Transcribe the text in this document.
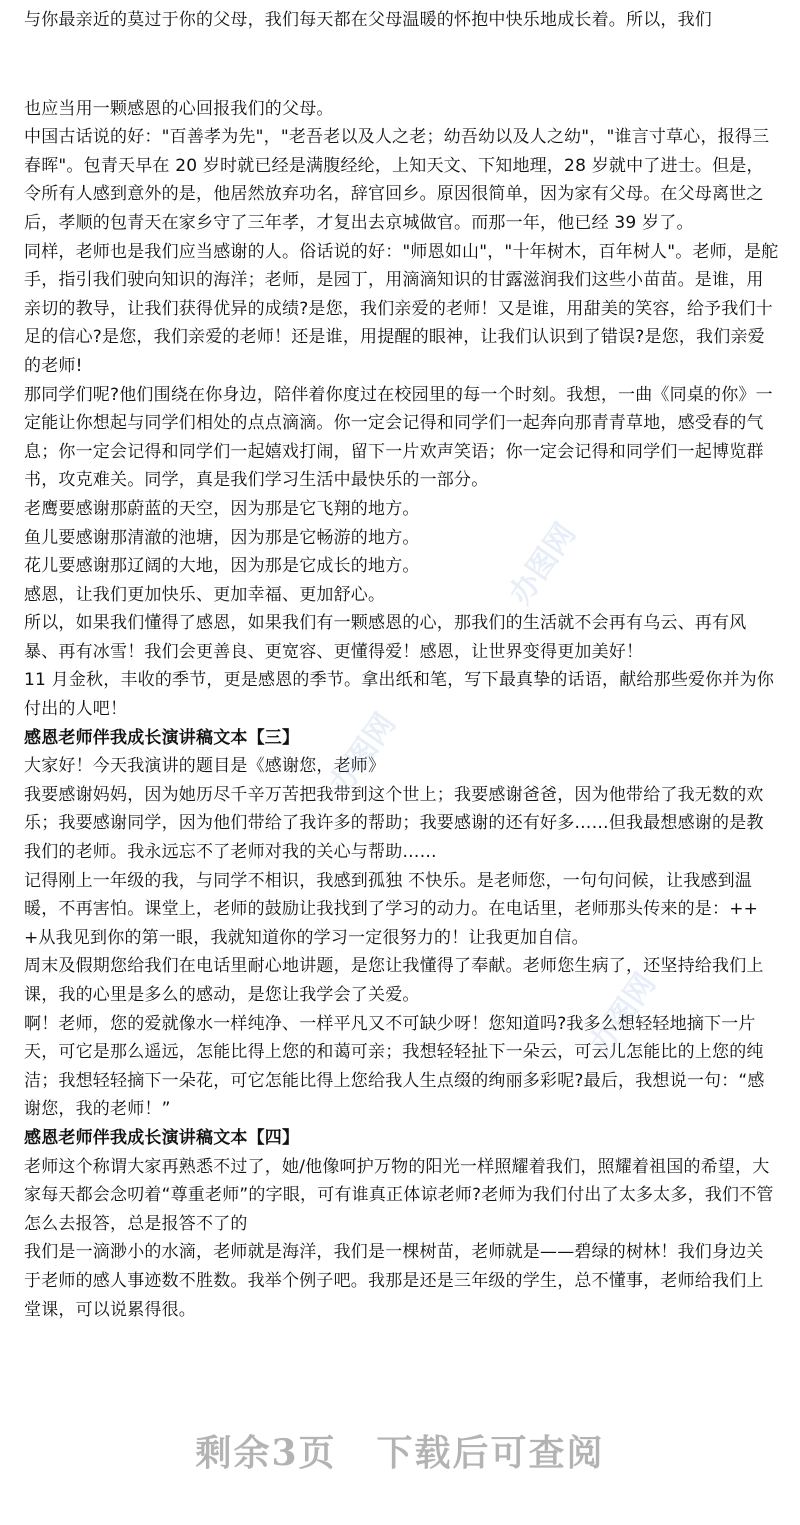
与你最亲近的莫过于你的父母，我们每天都在父母温暖的怀抱中快乐地成长着。所以，我们

也应当用一颗感恩的心回报我们的父母。

中国古话说的好："百善孝为先"，"老吾老以及人之老；幼吾幼以及人之幼"，"谁言寸草心，报得三春晖"。包青天早在 20 岁时就已经是满腹经纶，上知天文、下知地理，28 岁就中了进士。但是，令所有人感到意外的是，他居然放弃功名，辞官回乡。原因很简单，因为家有父母。在父母离世之后，孝顺的包青天在家乡守了三年孝，才复出去京城做官。而那一年，他已经 39 岁了。

同样，老师也是我们应当感谢的人。俗话说的好："师恩如山"，"十年树木，百年树人"。老师，是舵手，指引我们驶向知识的海洋；老师，是园丁，用滴滴知识的甘露滋润我们这些小苗苗。是谁，用亲切的教导，让我们获得优异的成绩?是您，我们亲爱的老师！又是谁，用甜美的笑容，给予我们十足的信心?是您，我们亲爱的老师！还是谁，用提醒的眼神，让我们认识到了错误?是您，我们亲爱的老师!

那同学们呢?他们围绕在你身边，陪伴着你度过在校园里的每一个时刻。我想，一曲《同桌的你》一定能让你想起与同学们相处的点点滴滴。你一定会记得和同学们一起奔向那青青草地，感受春的气息；你一定会记得和同学们一起嬉戏打闹，留下一片欢声笑语；你一定会记得和同学们一起博览群书，攻克难关。同学，真是我们学习生活中最快乐的一部分。

老鹰要感谢那蔚蓝的天空，因为那是它飞翔的地方。

鱼儿要感谢那清澈的池塘，因为那是它畅游的地方。

花儿要感谢那辽阔的大地，因为那是它成长的地方。

感恩，让我们更加快乐、更加幸福、更加舒心。

所以，如果我们懂得了感恩，如果我们有一颗感恩的心，那我们的生活就不会再有乌云、再有风暴、再有冰雪！我们会更善良、更宽容、更懂得爱！感恩，让世界变得更加美好！

11 月金秋，丰收的季节，更是感恩的季节。拿出纸和笔，写下最真挚的话语，献给那些爱你并为你付出的人吧！

感恩老师伴我成长演讲稿文本【三】

大家好！今天我演讲的题目是《感谢您，老师》

我要感谢妈妈，因为她历尽千辛万苦把我带到这个世上；我要感谢爸爸，因为他带给了我无数的欢乐；我要感谢同学，因为他们带给了我许多的帮助；我要感谢的还有好多……但我最想感谢的是教我们的老师。我永远忘不了老师对我的关心与帮助……

记得刚上一年级的我，与同学不相识，我感到孤独 不快乐。是老师您，一句句问候，让我感到温暖，不再害怕。课堂上，老师的鼓励让我找到了学习的动力。在电话里，老师那头传来的是：+++从我见到你的第一眼，我就知道你的学习一定很努力的！让我更加自信。

周末及假期您给我们在电话里耐心地讲题，是您让我懂得了奉献。老师您生病了，还坚持给我们上课，我的心里是多么的感动，是您让我学会了关爱。

啊！老师，您的爱就像水一样纯净、一样平凡又不可缺少呀！您知道吗?我多么想轻轻地摘下一片天，可它是那么遥远，怎能比得上您的和蔼可亲；我想轻轻扯下一朵云，可云儿怎能比的上您的纯洁；我想轻轻摘下一朵花，可它怎能比得上您给我人生点缀的绚丽多彩呢?最后，我想说一句：“感谢您，我的老师！”

感恩老师伴我成长演讲稿文本【四】

老师这个称谓大家再熟悉不过了，她/他像呵护万物的阳光一样照耀着我们，照耀着祖国的希望，大家每天都会念叨着“尊重老师”的字眼，可有谁真正体谅老师?老师为我们付出了太多太多，我们不管怎么去报答，总是报答不了的

我们是一滴渺小的水滴，老师就是海洋，我们是一棵树苗，老师就是——碧绿的树林！我们身边关于老师的感人事迹数不胜数。我举个例子吧。我那是还是三年级的学生，总不懂事，老师给我们上堂课，可以说累得很。

办图网
办图网
办图网
剩余3页 下载后可查阅
